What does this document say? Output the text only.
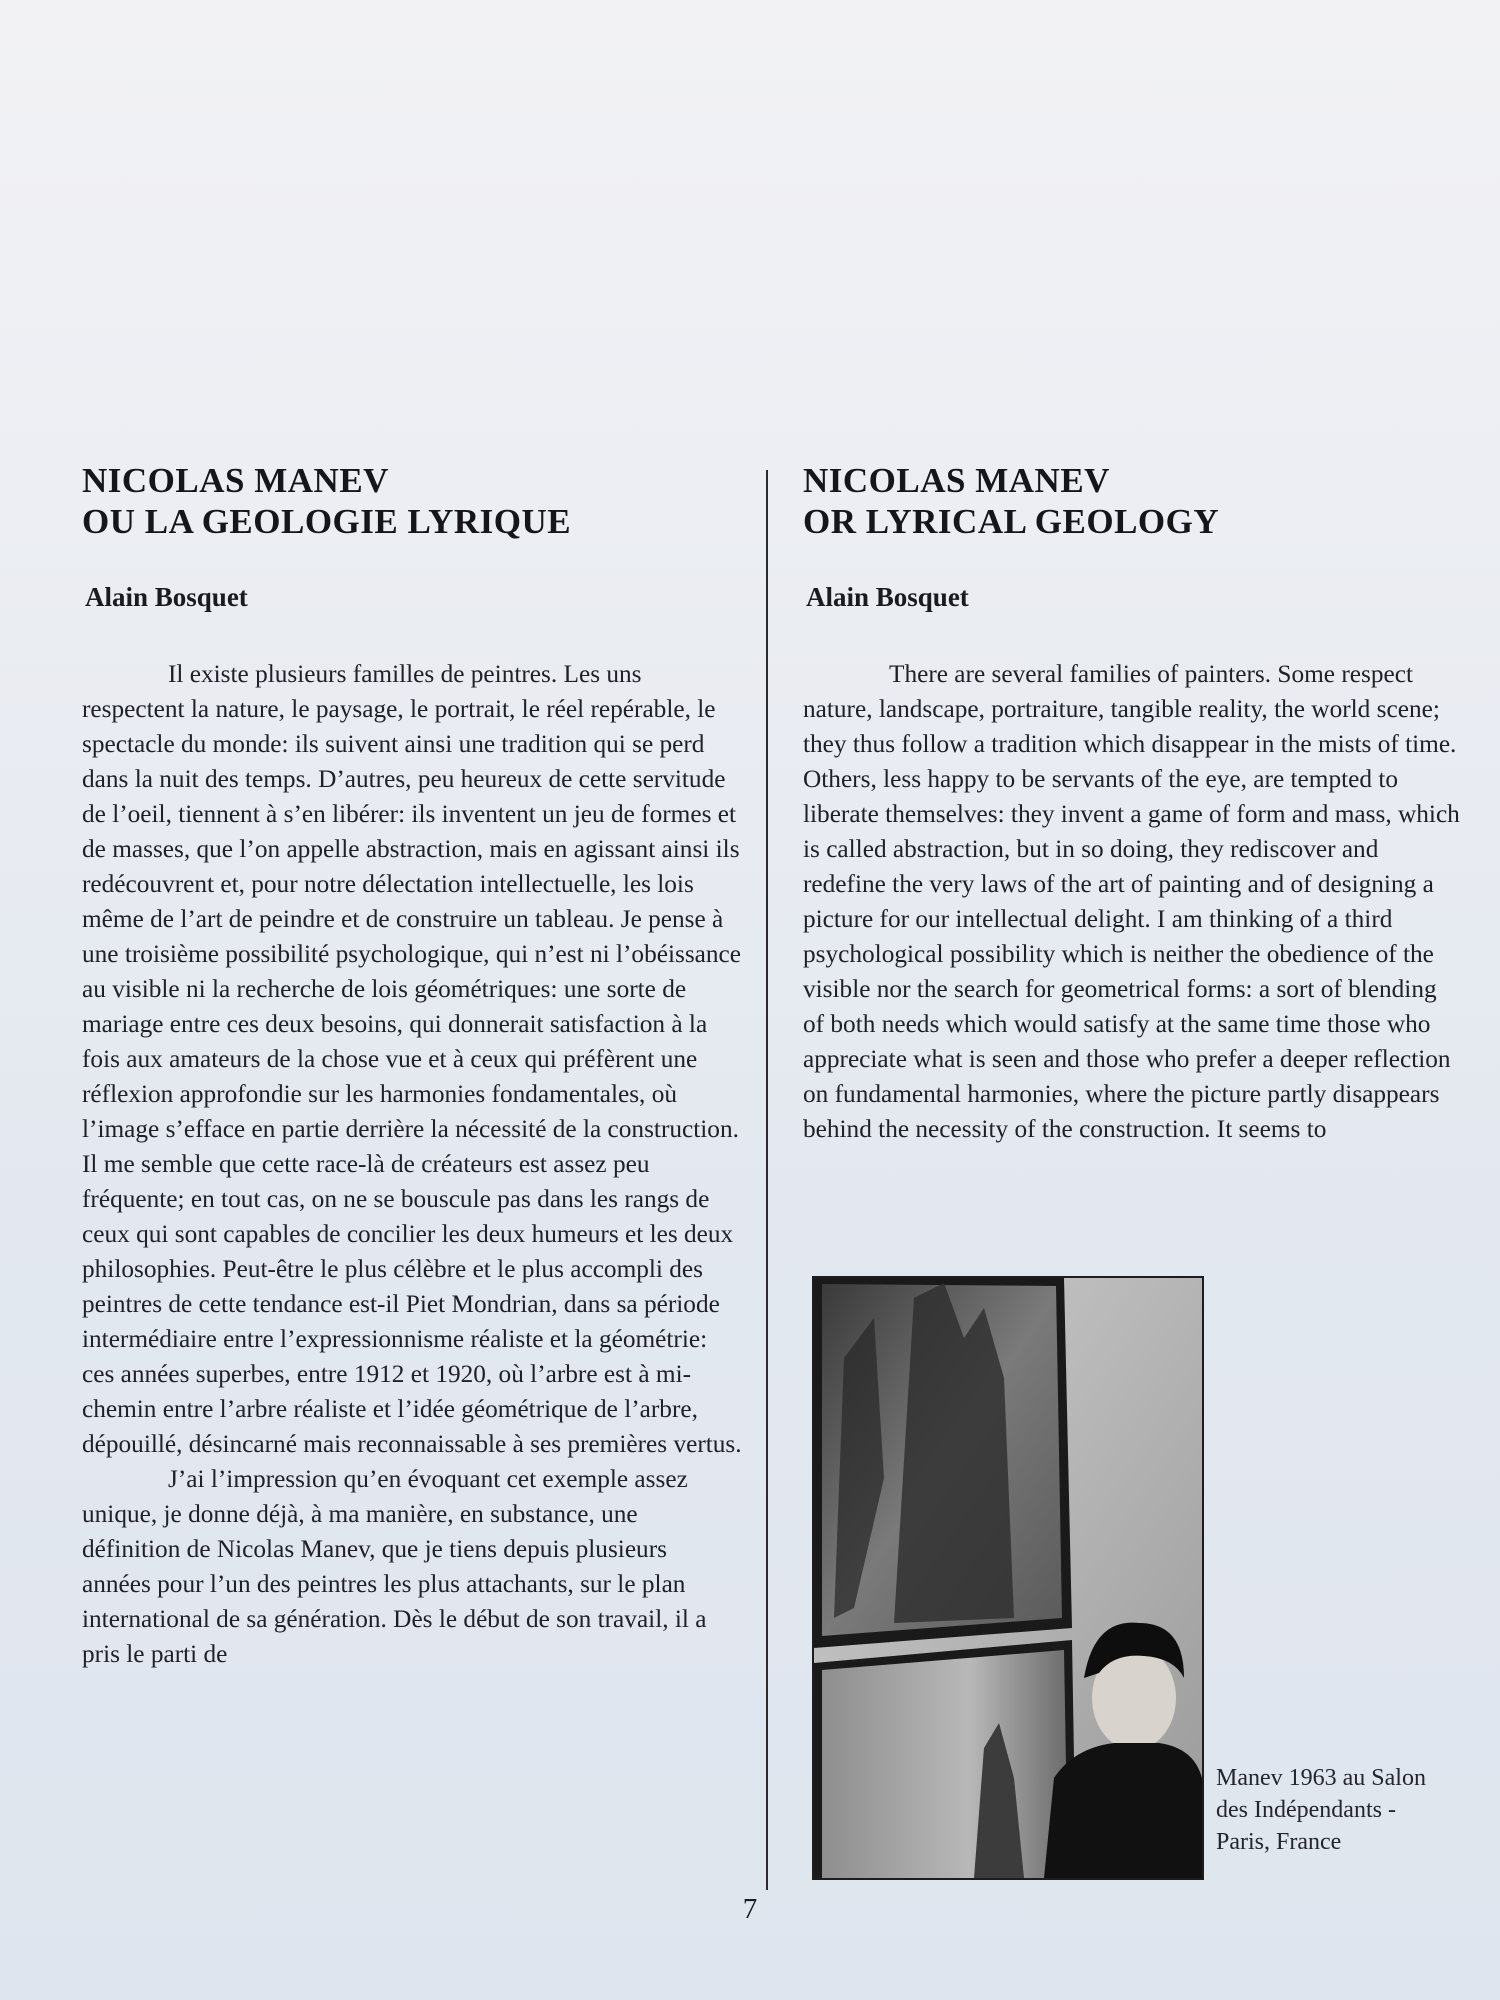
NICOLAS MANEV
OU LA GEOLOGIE LYRIQUE
Alain Bosquet

Il existe plusieurs familles de peintres. Les uns respectent la nature, le paysage, le portrait, le réel repérable, le spectacle du monde: ils suivent ainsi une tradition qui se perd dans la nuit des temps. D’autres, peu heureux de cette servitude de l’oeil, tiennent à s’en libérer: ils inventent un jeu de formes et de masses, que l’on appelle abstraction, mais en agissant ainsi ils redécouvrent et, pour notre délectation intellectuelle, les lois même de l’art de peindre et de construire un tableau. Je pense à une troisième possibilité psychologique, qui n’est ni l’obéissance au visible ni la recherche de lois géométriques: une sorte de mariage entre ces deux besoins, qui donnerait satisfaction à la fois aux amateurs de la chose vue et à ceux qui préfèrent une réflexion approfondie sur les harmonies fondamentales, où l’image s’efface en partie derrière la nécessité de la construction. Il me semble que cette race-là de créateurs est assez peu fréquente; en tout cas, on ne se bouscule pas dans les rangs de ceux qui sont capables de concilier les deux humeurs et les deux philosophies. Peut-être le plus célèbre et le plus accompli des peintres de cette tendance est-il Piet Mondrian, dans sa période intermédiaire entre l’expressionnisme réaliste et la géométrie: ces années superbes, entre 1912 et 1920, où l’arbre est à mi-chemin entre l’arbre réaliste et l’idée géométrique de l’arbre, dépouillé, désincarné mais reconnaissable à ses premières vertus.

J’ai l’impression qu’en évoquant cet exemple assez unique, je donne déjà, à ma manière, en substance, une définition de Nicolas Manev, que je tiens depuis plusieurs années pour l’un des peintres les plus attachants, sur le plan international de sa génération. Dès le début de son travail, il a pris le parti de

NICOLAS MANEV
OR LYRICAL GEOLOGY
Alain Bosquet

There are several families of painters. Some respect nature, landscape, portraiture, tangible reality, the world scene; they thus follow a tradition which disappear in the mists of time. Others, less happy to be servants of the eye, are tempted to liberate themselves: they invent a game of form and mass, which is called abstraction, but in so doing, they rediscover and redefine the very laws of the art of painting and of designing a picture for our intellectual delight. I am thinking of a third psychological possibility which is neither the obedience of the visible nor the search for geometrical forms: a sort of blending of both needs which would satisfy at the same time those who appreciate what is seen and those who prefer a deeper reflection on fundamental harmonies, where the picture partly disappears behind the necessity of the construction. It seems to

Manev 1963 au Salon
des Indépendants -
Paris, France
7
